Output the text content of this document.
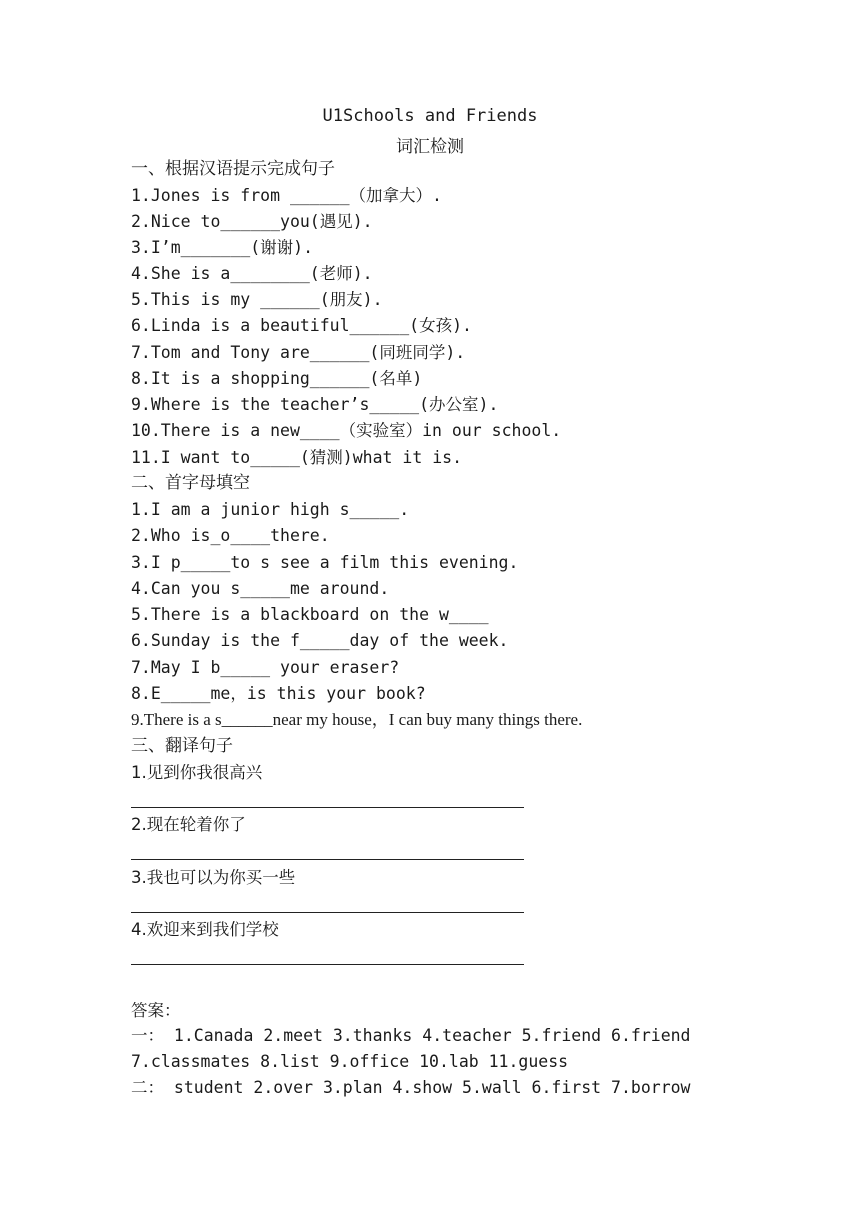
U1Schools and Friends
词汇检测
一、根据汉语提示完成句子
1.Jones is from ______（加拿大）.
2.Nice to______you(遇见).
3.I’m_______(谢谢).
4.She is a________(老师).
5.This is my ______(朋友).
6.Linda is a beautiful______(女孩).
7.Tom and Tony are______(同班同学).
8.It is a shopping______(名单)
9.Where is the teacher’s_____(办公室).
10.There is a new____（实验室）in our school.
11.I want to_____(猜测)what it is.
二、首字母填空
1.I am a junior high s_____.
2.Who is_o____there.
3.I p_____to s see a film this evening.
4.Can you s_____me around.
5.There is a blackboard on the w____
6.Sunday is the f_____day of the week.
7.May I b_____ your eraser?
8.E_____me，is this your book?
9.There is a s______near my house，I can buy many things there.
三、翻译句子
1.见到你我很高兴
2.现在轮着你了
3.我也可以为你买一些
4.欢迎来到我们学校
答案：
一： 1.Canada 2.meet 3.thanks 4.teacher 5.friend 6.friend
7.classmates 8.list 9.office 10.lab 11.guess
二： student 2.over 3.plan 4.show 5.wall 6.first 7.borrow
